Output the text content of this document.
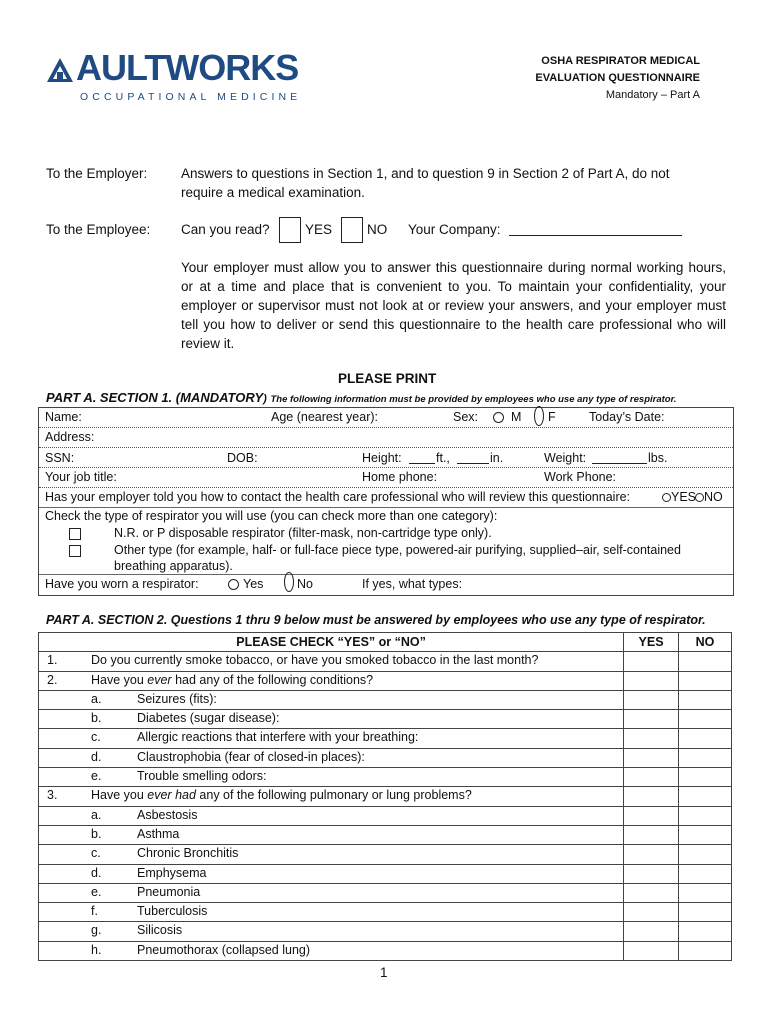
AULTWORKS
OCCUPATIONAL MEDICINE
OSHA RESPIRATOR MEDICAL
EVALUATION QUESTIONNAIRE
Mandatory – Part A
To the Employer: Answers to questions in Section 1, and to question 9 in Section 2 of Part A, do not
require a medical examination.
To the Employee: Can you read?	YES	NO Your Company:
Your employer must allow you to answer this questionnaire during normal working hours, or at a time and place that is convenient to you. To maintain your confidentiality, your employer or supervisor must not look at or review your answers, and your employer must tell you how to deliver or send this questionnaire to the health care professional who will review it.
PLEASE PRINT
PART A. SECTION 1. (MANDATORY) The following information must be provided by employees who use any type of respirator.
Name:	Age (nearest year):	Sex:	M F	Today’s Date:
Address:
SSN:	DOB:	Height:	ft.,	in.	Weight:	lbs.
Your job title:	Home phone:	Work Phone:
Has your employer told you how to contact the health care professional who will review this questionnaire:	YES NO
Check the type of respirator you will use (you can check more than one category):
N.R. or P disposable respirator (filter-mask, non-cartridge type only).
Other type (for example, half- or full-face piece type, powered-air purifying, supplied–air, self-contained
breathing apparatus).
Have you worn a respirator:	Yes	No	If yes, what types:
PART A. SECTION 2. Questions 1 thru 9 below must be answered by employees who use any type of respirator.
PLEASE CHECK “YES” or “NO”	YES	NO

1. Do you currently smoke tobacco, or have you smoked tobacco in the last month?		

2. Have you ever had any of the following conditions?		

a. Seizures (fits):		

b. Diabetes (sugar disease):		

c. Allergic reactions that interfere with your breathing:		

d. Claustrophobia (fear of closed-in places):		

e. Trouble smelling odors:		

3. Have you ever had any of the following pulmonary or lung problems?		

a. Asbestosis		

b. Asthma		

c. Chronic Bronchitis		

d. Emphysema		

e. Pneumonia		

f. Tuberculosis		

g. Silicosis		

h. Pneumothorax (collapsed lung)		

1
